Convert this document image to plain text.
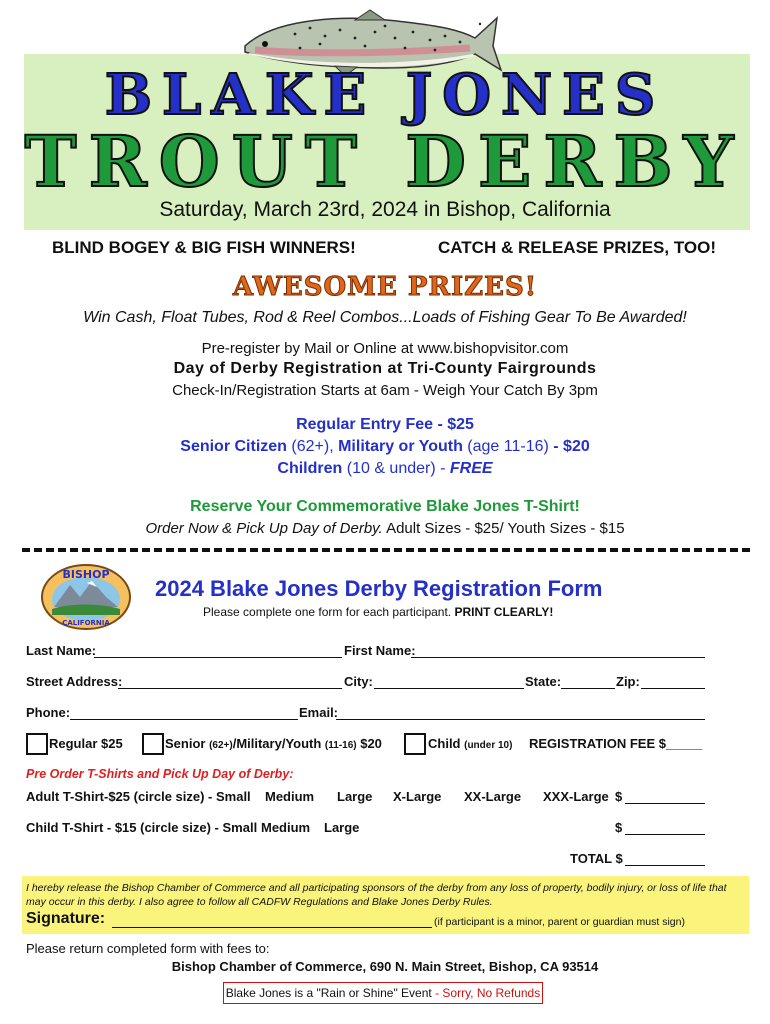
BLAKE JONES
TROUT DERBY
Saturday, March 23rd, 2024 in Bishop, California
BLIND BOGEY & BIG FISH WINNERS!	CATCH & RELEASE PRIZES, TOO!
AWESOME PRIZES!
Win Cash, Float Tubes, Rod & Reel Combos...Loads of Fishing Gear To Be Awarded!
Pre-register by Mail or Online at www.bishopvisitor.com
Day of Derby Registration at Tri-County Fairgrounds
Check-In/Registration Starts at 6am - Weigh Your Catch By 3pm
Regular Entry Fee - $25
Senior Citizen (62+), Military or Youth (age 11-16) - $20
Children (10 & under) - FREE
Reserve Your Commemorative Blake Jones T-Shirt!
Order Now & Pick Up Day of Derby. Adult Sizes - $25/ Youth Sizes - $15
BISHOP
CALIFORNIA
2024 Blake Jones Derby Registration Form
Please complete one form for each participant. PRINT CLEARLY!
Last Name:	First Name:
Street Address:	City:	State:	Zip:
Phone:	Email:
Regular $25	Senior (62+)/Military/Youth (11-16) $20	Child (under 10) REGISTRATION FEE $_____
Pre Order T-Shirts and Pick Up Day of Derby:
Adult T-Shirt-$25 (circle size) - Small Medium Large X-Large XX-Large XXX-Large $
Child T-Shirt - $15 (circle size) - Small Medium Large	$
TOTAL $
I hereby release the Bishop Chamber of Commerce and all participating sponsors of the derby from any loss of property, bodily injury, or loss of life that may occur in this derby. I also agree to follow all CADFW Regulations and Blake Jones Derby Rules.
Signature:	(if participant is a minor, parent or guardian must sign)
Please return completed form with fees to:
Bishop Chamber of Commerce, 690 N. Main Street, Bishop, CA 93514
Blake Jones is a "Rain or Shine" Event - Sorry, No Refunds
